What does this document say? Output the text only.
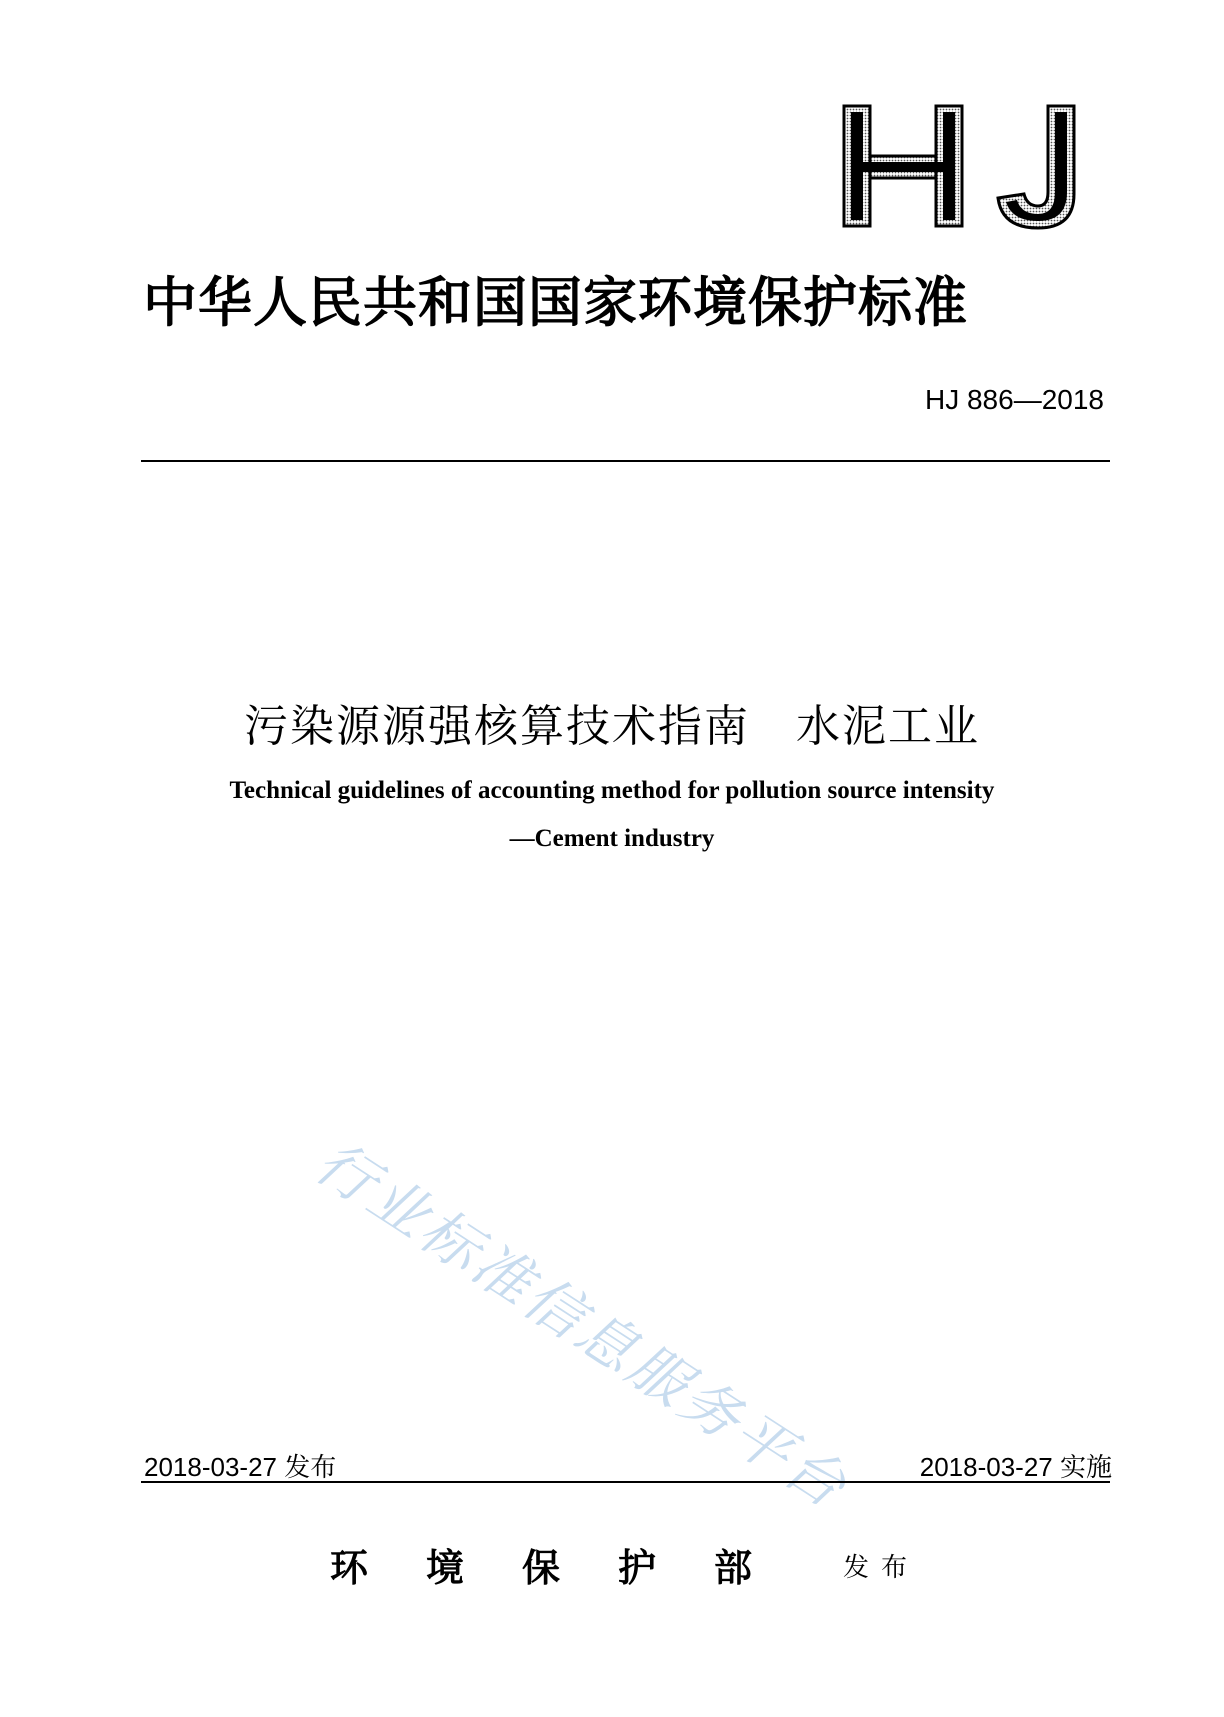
中华人民共和国国家环境保护标准
HJ 886—2018
污染源源强核算技术指南　水泥工业
Technical guidelines of accounting method for pollution source intensity
—Cement industry
行业标准信息服务平台
2018-03-27 发布	2018-03-27 实施
环境保护部 发布
